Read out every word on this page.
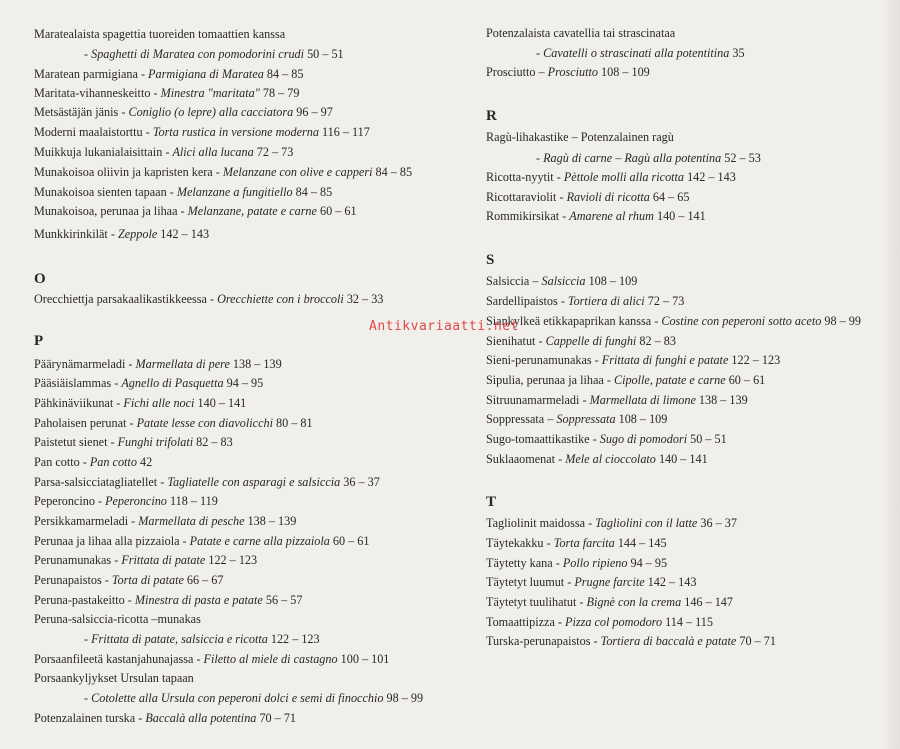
Maratealaista spagettia tuoreiden tomaattien kanssa
- Spaghetti di Maratea con pomodorini crudi 50 – 51
Maratean parmigiana - Parmigiana di Maratea 84 – 85
Maritata-vihanneskeitto - Minestra "maritata" 78 – 79
Metsästäjän jänis - Coniglio (o lepre) alla cacciatora 96 – 97
Moderni maalaistorttu - Torta rustica in versione moderna 116 – 117
Muikkuja lukanialaisittain - Alici alla lucana 72 – 73
Munakoisoa oliivin ja kapristen kera - Melanzane con olive e capperi 84 – 85
Munakoisoa sienten tapaan - Melanzane a fungitiello 84 – 85
Munakoisoa, perunaa ja lihaa - Melanzane, patate e carne 60 – 61
Munkkirinkilät - Zeppole 142 – 143
O
Orecchiettja parsakaalikastikkeessa - Orecchiette con i broccoli 32 – 33
P
Päärynämarmeladi - Marmellata di pere 138 – 139
Pääsiäislammas - Agnello di Pasquetta 94 – 95
Pähkinäviikunat - Fichi alle noci 140 – 141
Paholaisen perunat - Patate lesse con diavolicchi 80 – 81
Paistetut sienet - Funghi trifolati 82 – 83
Pan cotto - Pan cotto 42
Parsa-salsicciatagliatellet - Tagliatelle con asparagi e salsiccia 36 – 37
Peperoncino - Peperoncino 118 – 119
Persikkamarmeladi - Marmellata di pesche 138 – 139
Perunaa ja lihaa alla pizzaiola - Patate e carne alla pizzaiola 60 – 61
Perunamunakas - Frittata di patate 122 – 123
Perunapaistos - Torta di patate 66 – 67
Peruna-pastakeitto - Minestra di pasta e patate 56 – 57
Peruna-salsiccia-ricotta –munakas
- Frittata di patate, salsiccia e ricotta 122 – 123
Porsaanfileetä kastanjahunajassa - Filetto al miele di castagno 100 – 101
Porsaankyljykset Ursulan tapaan
- Cotolette alla Ursula con peperoni dolci e semi di finocchio 98 – 99
Potenzalainen turska - Baccalà alla potentina 70 – 71
Potenzalaista cavatellia tai strascinataa
- Cavatelli o strascinati alla potentitina 35
Prosciutto – Prosciutto 108 – 109
R
Ragù-lihakastike – Potenzalainen ragù
- Ragù di carne – Ragù alla potentina 52 – 53
Ricotta-nyytit - Pèttole molli alla ricotta 142 – 143
Ricottaraviolit - Ravioli di ricotta 64 – 65
Rommikirsikat - Amarene al rhum 140 – 141
S
Salsiccia – Salsiccia 108 – 109
Sardellipaistos - Tortiera di alici 72 – 73
Siankylkeä etikkapaprikan kanssa - Costine con peperoni sotto aceto 98 – 99
Sienihatut - Cappelle di funghi 82 – 83
Sieni-perunamunakas - Frittata di funghi e patate 122 – 123
Sipulia, perunaa ja lihaa - Cipolle, patate e carne 60 – 61
Sitruunamarmeladi - Marmellata di limone 138 – 139
Soppressata – Soppressata 108 – 109
Sugo-tomaattikastike - Sugo di pomodori 50 – 51
Suklaaomenat - Mele al cioccolato 140 – 141
T
Tagliolinit maidossa - Tagliolini con il latte 36 – 37
Täytekakku - Torta farcita 144 – 145
Täytetty kana - Pollo ripieno 94 – 95
Täytetyt luumut - Prugne farcite 142 – 143
Täytetyt tuulihatut - Bignè con la crema 146 – 147
Tomaattipizza - Pizza col pomodoro 114 – 115
Turska-perunapaistos - Tortiera di baccalà e patate 70 – 71
Antikvariaatti.net
